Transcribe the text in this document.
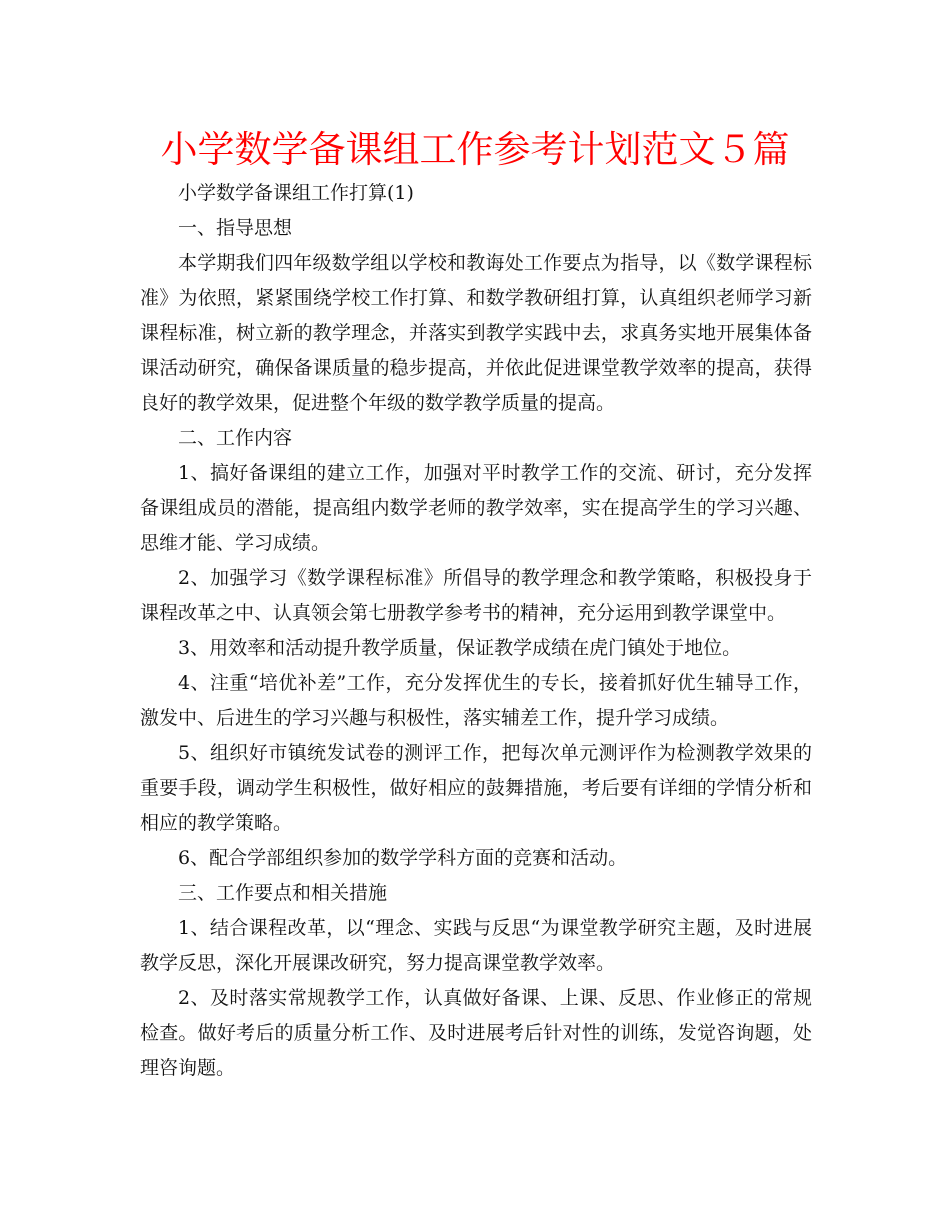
小学数学备课组工作参考计划范文５篇

小学数学备课组工作打算(1)

一、指导思想

本学期我们四年级数学组以学校和教诲处工作要点为指导，以《数学课程标准》为依照，紧紧围绕学校工作打算、和数学教研组打算，认真组织老师学习新课程标准，树立新的教学理念，并落实到教学实践中去，求真务实地开展集体备课活动研究，确保备课质量的稳步提高，并依此促进课堂教学效率的提高，获得良好的教学效果，促进整个年级的数学教学质量的提高。

二、工作内容

1、搞好备课组的建立工作，加强对平时教学工作的交流、研讨，充分发挥备课组成员的潜能，提高组内数学老师的教学效率，实在提高学生的学习兴趣、思维才能、学习成绩。

2、加强学习《数学课程标准》所倡导的教学理念和教学策略，积极投身于课程改革之中、认真领会第七册教学参考书的精神，充分运用到教学课堂中。

3、用效率和活动提升教学质量，保证教学成绩在虎门镇处于地位。

4、注重“培优补差”工作，充分发挥优生的专长，接着抓好优生辅导工作，激发中、后进生的学习兴趣与积极性，落实辅差工作，提升学习成绩。

5、组织好市镇统发试卷的测评工作，把每次单元测评作为检测教学效果的重要手段，调动学生积极性，做好相应的鼓舞措施，考后要有详细的学情分析和相应的教学策略。

6、配合学部组织参加的数学学科方面的竞赛和活动。

三、工作要点和相关措施

1、结合课程改革，以“理念、实践与反思“为课堂教学研究主题，及时进展教学反思，深化开展课改研究，努力提高课堂教学效率。

2、及时落实常规教学工作，认真做好备课、上课、反思、作业修正的常规检查。做好考后的质量分析工作、及时进展考后针对性的训练，发觉咨询题，处理咨询题。
